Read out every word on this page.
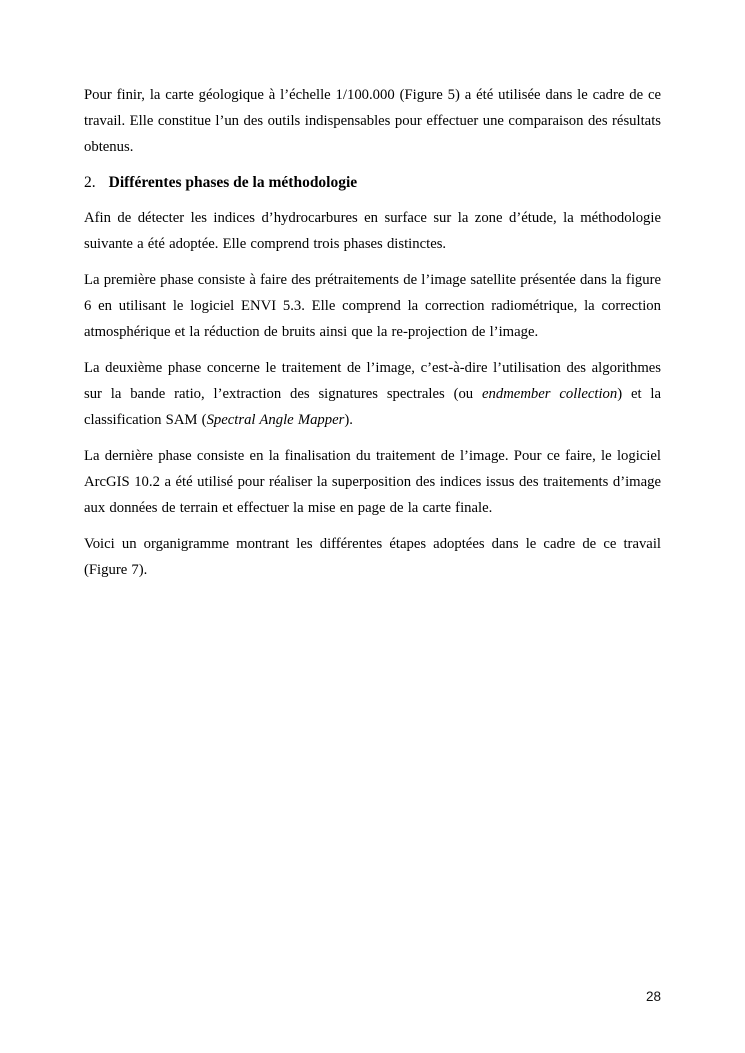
Pour finir, la carte géologique à l’échelle 1/100.000 (Figure 5) a été utilisée dans le cadre de ce travail. Elle constitue l’un des outils indispensables pour effectuer une comparaison des résultats obtenus.

2. Différentes phases de la méthodologie

Afin de détecter les indices d’hydrocarbures en surface sur la zone d’étude, la méthodologie suivante a été adoptée. Elle comprend trois phases distinctes.

La première phase consiste à faire des prétraitements de l’image satellite présentée dans la figure 6 en utilisant le logiciel ENVI 5.3. Elle comprend la correction radiométrique, la correction atmosphérique et la réduction de bruits ainsi que la re-projection de l’image.

La deuxième phase concerne le traitement de l’image, c’est-à-dire l’utilisation des algorithmes sur la bande ratio, l’extraction des signatures spectrales (ou endmember collection) et la classification SAM (Spectral Angle Mapper).

La dernière phase consiste en la finalisation du traitement de l’image. Pour ce faire, le logiciel ArcGIS 10.2 a été utilisé pour réaliser la superposition des indices issus des traitements d’image aux données de terrain et effectuer la mise en page de la carte finale.

Voici un organigramme montrant les différentes étapes adoptées dans le cadre de ce travail (Figure 7).

28
